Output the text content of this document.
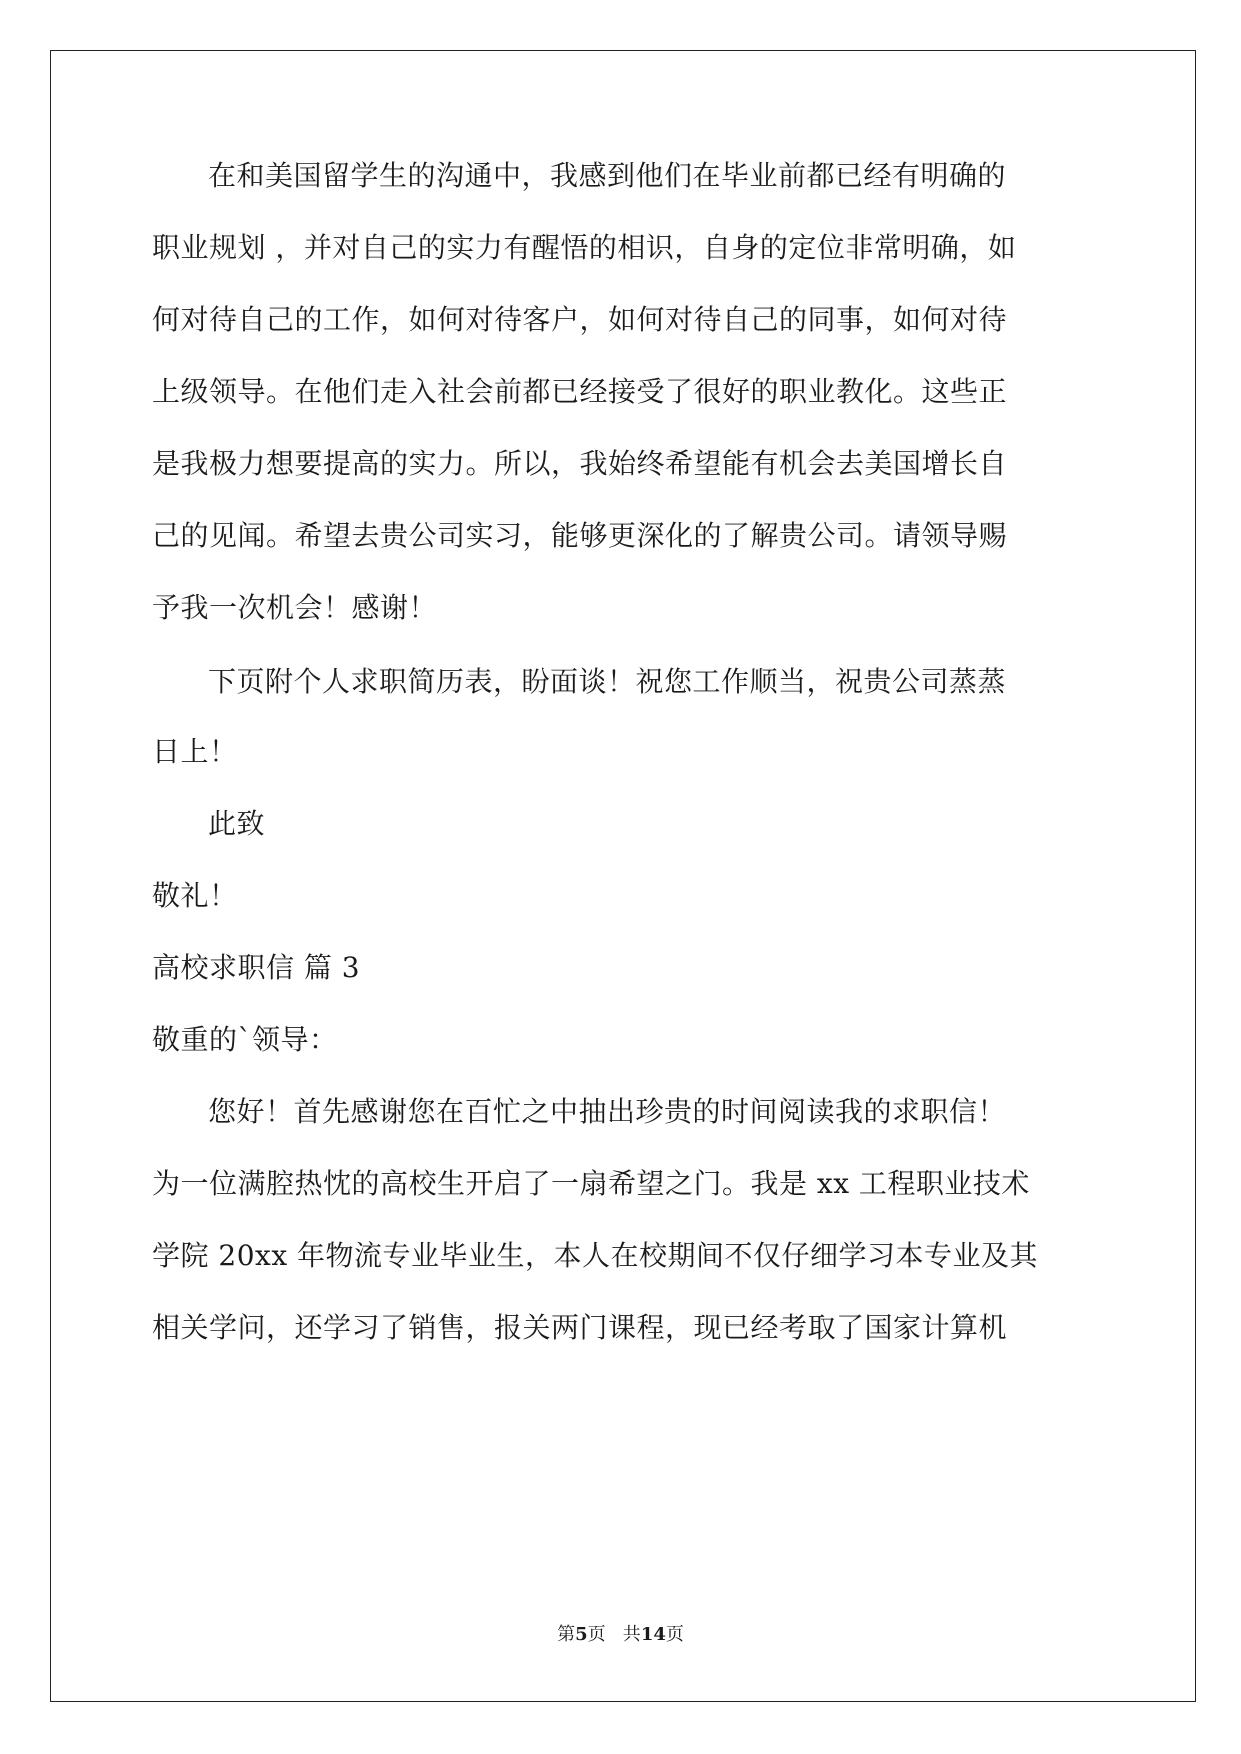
在和美国留学生的沟通中，我感到他们在毕业前都已经有明确的

职业规划 ，并对自己的实力有醒悟的相识，自身的定位非常明确，如

何对待自己的工作，如何对待客户，如何对待自己的同事，如何对待

上级领导。在他们走入社会前都已经接受了很好的职业教化。这些正

是我极力想要提高的实力。所以，我始终希望能有机会去美国增长自

己的见闻。希望去贵公司实习，能够更深化的了解贵公司。请领导赐

予我一次机会！感谢！

下页附个人求职简历表，盼面谈！祝您工作顺当，祝贵公司蒸蒸

日上！

此致

敬礼！

高校求职信 篇 3

敬重的`领导：

您好！首先感谢您在百忙之中抽出珍贵的时间阅读我的求职信！

为一位满腔热忱的高校生开启了一扇希望之门。我是 xx 工程职业技术

学院 20xx 年物流专业毕业生，本人在校期间不仅仔细学习本专业及其

相关学问，还学习了销售，报关两门课程，现已经考取了国家计算机

第5页   共14页
